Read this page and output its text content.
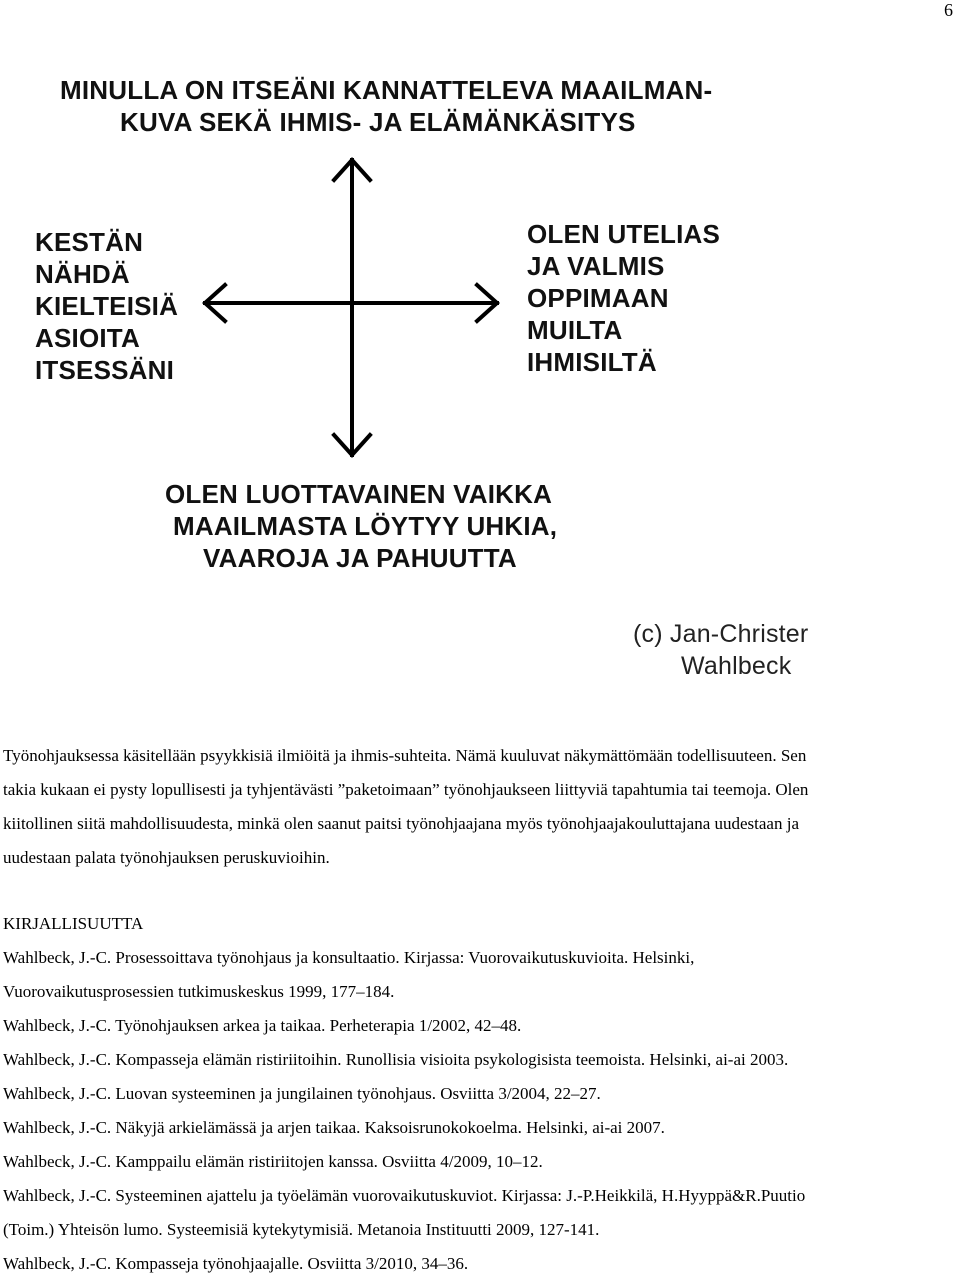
6
MINULLA ON ITSEÄNI KANNATTELEVA MAAILMAN-
KUVA SEKÄ IHMIS- JA ELÄMÄNKÄSITYS
KESTÄN
NÄHDÄ
KIELTEISIÄ
ASIOITA
ITSESSÄNI
OLEN UTELIAS
JA VALMIS
OPPIMAAN
MUILTA
IHMISILTÄ
OLEN LUOTTAVAINEN VAIKKA
MAAILMASTA LÖYTYY UHKIA,
VAAROJA JA PAHUUTTA
(c) Jan-Christer
Wahlbeck
Työnohjauksessa käsitellään psyykkisiä ilmiöitä ja ihmis-suhteita. Nämä kuuluvat näkymättömään todellisuuteen. Sen
takia kukaan ei pysty lopullisesti ja tyhjentävästi ”paketoimaan” työnohjaukseen liittyviä tapahtumia tai teemoja. Olen
kiitollinen siitä mahdollisuudesta, minkä olen saanut paitsi työnohjaajana myös työnohjaajakouluttajana uudestaan ja
uudestaan palata työnohjauksen peruskuvioihin.
KIRJALLISUUTTA
Wahlbeck, J.-C. Prosessoittava työnohjaus ja konsultaatio. Kirjassa: Vuorovaikutuskuvioita. Helsinki,
Vuorovaikutusprosessien tutkimuskeskus 1999, 177–184.
Wahlbeck, J.-C. Työnohjauksen arkea ja taikaa. Perheterapia 1/2002, 42–48.
Wahlbeck, J.-C. Kompasseja elämän ristiriitoihin. Runollisia visioita psykologisista teemoista. Helsinki, ai-ai 2003.
Wahlbeck, J.-C. Luovan systeeminen ja jungilainen työnohjaus. Osviitta 3/2004, 22–27.
Wahlbeck, J.-C. Näkyjä arkielämässä ja arjen taikaa. Kaksoisrunokokoelma. Helsinki, ai-ai 2007.
Wahlbeck, J.-C. Kamppailu elämän ristiriitojen kanssa. Osviitta 4/2009, 10–12.
Wahlbeck, J.-C. Systeeminen ajattelu ja työelämän vuorovaikutuskuviot. Kirjassa: J.-P.Heikkilä, H.Hyyppä&R.Puutio
(Toim.) Yhteisön lumo. Systeemisiä kytekytymisiä. Metanoia Instituutti 2009, 127-141.
Wahlbeck, J.-C. Kompasseja työnohjaajalle. Osviitta 3/2010, 34–36.
